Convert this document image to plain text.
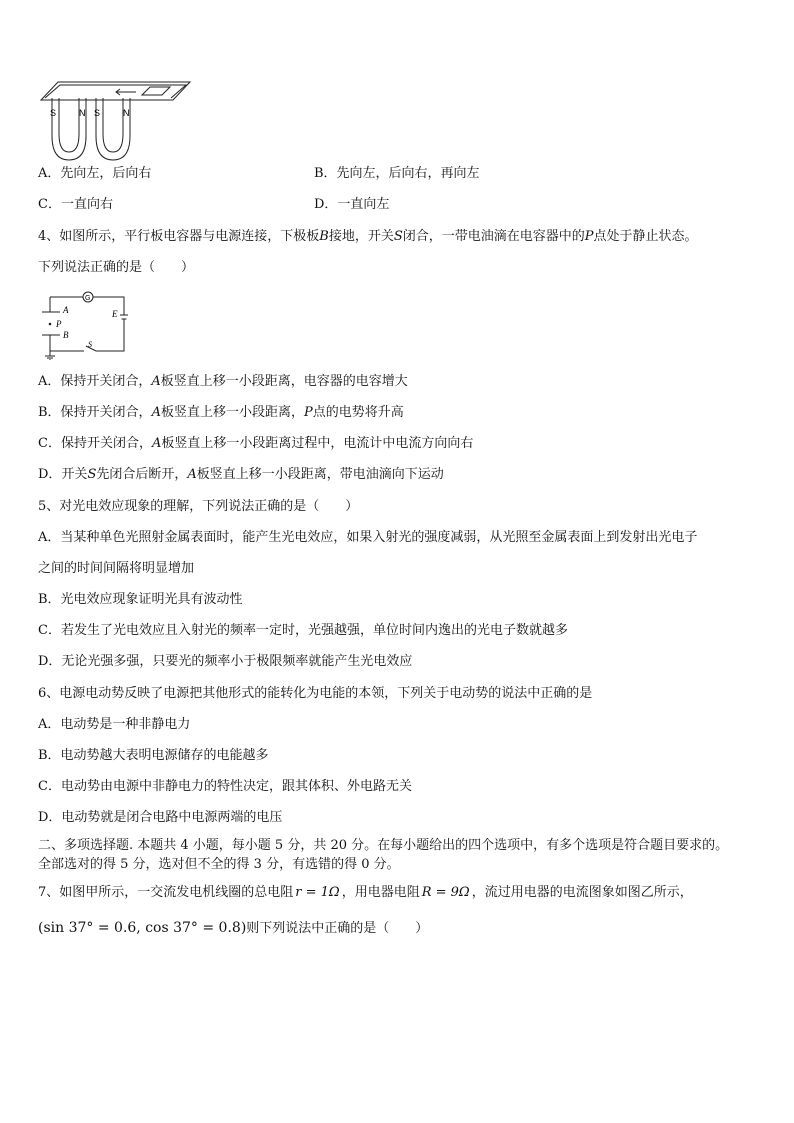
S	N S	N
A．先向左，后向右	B．先向左，后向右，再向左
C．一直向右	D．一直向左
4、如图所示，平行板电容器与电源连接，下极板B接地，开关S闭合，一带电油滴在电容器中的P点处于静止状态。
下列说法正确的是（　　）
G
A
P
B
E
S
A．保持开关闭合，A板竖直上移一小段距离，电容器的电容增大
B．保持开关闭合，A板竖直上移一小段距离，P点的电势将升高
C．保持开关闭合，A板竖直上移一小段距离过程中，电流计中电流方向向右
D．开关S先闭合后断开，A板竖直上移一小段距离，带电油滴向下运动
5、对光电效应现象的理解，下列说法正确的是（　　）
A．当某种单色光照射金属表面时，能产生光电效应，如果入射光的强度减弱，从光照至金属表面上到发射出光电子
之间的时间间隔将明显增加
B．光电效应现象证明光具有波动性
C．若发生了光电效应且入射光的频率一定时，光强越强，单位时间内逸出的光电子数就越多
D．无论光强多强，只要光的频率小于极限频率就能产生光电效应
6、电源电动势反映了电源把其他形式的能转化为电能的本领，下列关于电动势的说法中正确的是
A．电动势是一种非静电力
B．电动势越大表明电源储存的电能越多
C．电动势由电源中非静电力的特性决定，跟其体积、外电路无关
D．电动势就是闭合电路中电源两端的电压
二、多项选择题. 本题共 4 小题，每小题 5 分，共 20 分。在每小题给出的四个选项中，有多个选项是符合题目要求的。
全部选对的得 5 分，选对但不全的得 3 分，有选错的得 0 分。
7、如图甲所示，一交流发电机线圈的总电阻 r = 1Ω ，用电器电阻 R = 9Ω ，流过用电器的电流图象如图乙所示，
(sin 37° = 0.6, cos 37° = 0.8)则下列说法中正确的是（　　）
